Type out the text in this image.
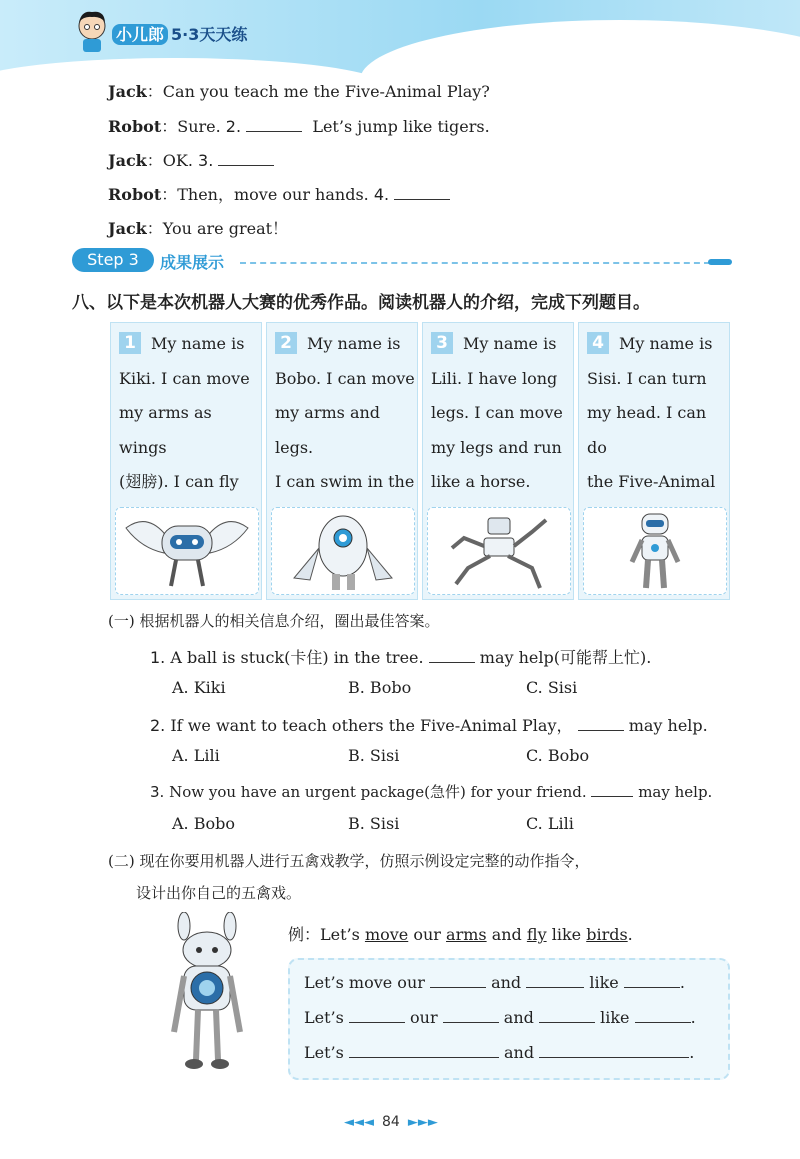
小儿郎 5·3天天练
Jack：Can you teach me the Five-Animal Play?
Robot：Sure. 2.	Let’s jump like tigers.
Jack：OK. 3.
Robot：Then，move our hands. 4.
Jack：You are great！
Step 3	成果展示
八、以下是本次机器人大赛的优秀作品。阅读机器人的介绍，完成下列题目。
1 My name is
Kiki. I can move
my arms as wings
(翅膀). I can fly
2 My name is
Bobo. I can move
my arms and legs.
I can swim in the
3 My name is
Lili. I have long
legs. I can move
my legs and run
like a horse.
4 My name is
Sisi. I can turn
my head. I can do
the Five-Animal
(一) 根据机器人的相关信息介绍，圈出最佳答案。
1. A ball is stuck(卡住) in the tree.	may help(可能帮上忙).
A. Kiki	B. Bobo	C. Sisi
2. If we want to teach others the Five-Animal Play，	may help.
A. Lili	B. Sisi	C. Bobo
3. Now you have an urgent package(急件) for your friend.	may help.
A. Bobo	B. Sisi	C. Lili
(二) 现在你要用机器人进行五禽戏教学，仿照示例设定完整的动作指令，
设计出你自己的五禽戏。
例：Let’s move our arms and fly like birds.
Let’s move our	and	like	.
Let’s	our	and	like	.
Let’s	and	.
◄◄◄ 84 ►►►
